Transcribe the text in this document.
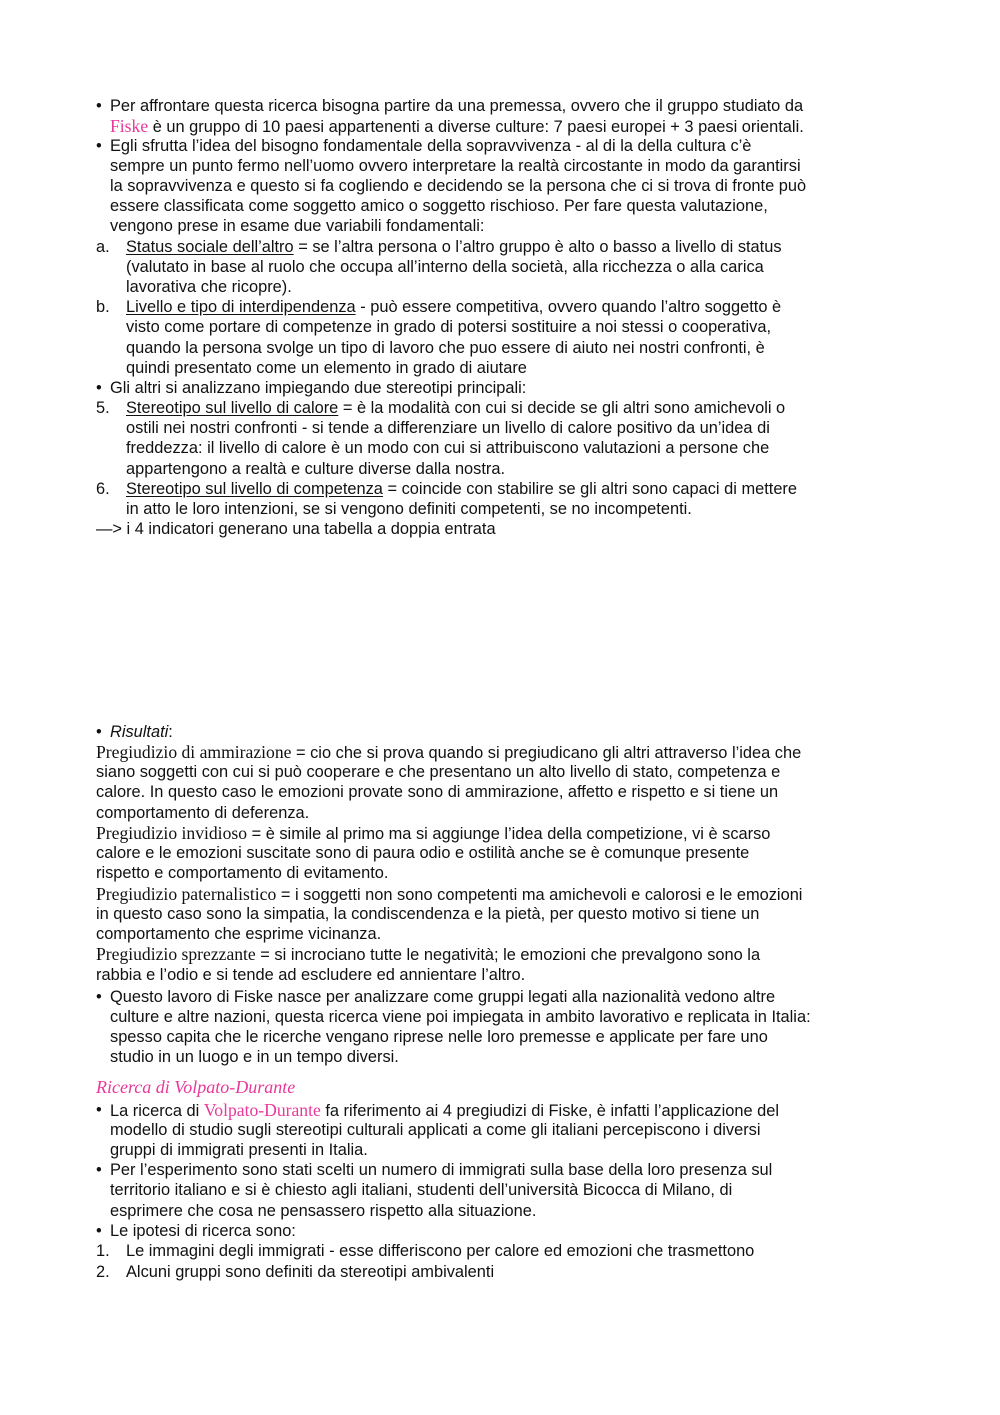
• Per affrontare questa ricerca bisogna partire da una premessa, ovvero che il gruppo studiato da
Fiske è un gruppo di 10 paesi appartenenti a diverse culture: 7 paesi europei + 3 paesi orientali.
• Egli sfrutta l’idea del bisogno fondamentale della sopravvivenza - al di la della cultura c’è
sempre un punto fermo nell’uomo ovvero interpretare la realtà circostante in modo da garantirsi
la sopravvivenza e questo si fa cogliendo e decidendo se la persona che ci si trova di fronte può
essere classificata come soggetto amico o soggetto rischioso. Per fare questa valutazione,
vengono prese in esame due variabili fondamentali:
a. Status sociale dell’altro = se l’altra persona o l’altro gruppo è alto o basso a livello di status
(valutato in base al ruolo che occupa all’interno della società, alla ricchezza o alla carica
lavorativa che ricopre).
b. Livello e tipo di interdipendenza - può essere competitiva, ovvero quando l’altro soggetto è
visto come portare di competenze in grado di potersi sostituire a noi stessi o cooperativa,
quando la persona svolge un tipo di lavoro che puo essere di aiuto nei nostri confronti, è
quindi presentato come un elemento in grado di aiutare
• Gli altri si analizzano impiegando due stereotipi principali:
5. Stereotipo sul livello di calore = è la modalità con cui si decide se gli altri sono amichevoli o
ostili nei nostri confronti - si tende a differenziare un livello di calore positivo da un’idea di
freddezza: il livello di calore è un modo con cui si attribuiscono valutazioni a persone che
appartengono a realtà e culture diverse dalla nostra.
6. Stereotipo sul livello di competenza = coincide con stabilire se gli altri sono capaci di mettere
in atto le loro intenzioni, se si vengono definiti competenti, se no incompetenti.
—> i 4 indicatori generano una tabella a doppia entrata
• Risultati:
Pregiudizio di ammirazione = cio che si prova quando si pregiudicano gli altri attraverso l’idea che
siano soggetti con cui si può cooperare e che presentano un alto livello di stato, competenza e
calore. In questo caso le emozioni provate sono di ammirazione, affetto e rispetto e si tiene un
comportamento di deferenza.
Pregiudizio invidioso = è simile al primo ma si aggiunge l’idea della competizione, vi è scarso
calore e le emozioni suscitate sono di paura odio e ostilità anche se è comunque presente
rispetto e comportamento di evitamento.
Pregiudizio paternalistico = i soggetti non sono competenti ma amichevoli e calorosi e le emozioni
in questo caso sono la simpatia, la condiscendenza e la pietà, per questo motivo si tiene un
comportamento che esprime vicinanza.
Pregiudizio sprezzante = si incrociano tutte le negatività; le emozioni che prevalgono sono la
rabbia e l’odio e si tende ad escludere ed annientare l’altro.
• Questo lavoro di Fiske nasce per analizzare come gruppi legati alla nazionalità vedono altre
culture e altre nazioni, questa ricerca viene poi impiegata in ambito lavorativo e replicata in Italia:
spesso capita che le ricerche vengano riprese nelle loro premesse e applicate per fare uno
studio in un luogo e in un tempo diversi.
Ricerca di Volpato-Durante
• La ricerca di Volpato-Durante fa riferimento ai 4 pregiudizi di Fiske, è infatti l’applicazione del
modello di studio sugli stereotipi culturali applicati a come gli italiani percepiscono i diversi
gruppi di immigrati presenti in Italia.
• Per l’esperimento sono stati scelti un numero di immigrati sulla base della loro presenza sul
territorio italiano e si è chiesto agli italiani, studenti dell’università Bicocca di Milano, di
esprimere che cosa ne pensassero rispetto alla situazione.
• Le ipotesi di ricerca sono:
1. Le immagini degli immigrati - esse differiscono per calore ed emozioni che trasmettono
2. Alcuni gruppi sono definiti da stereotipi ambivalenti
